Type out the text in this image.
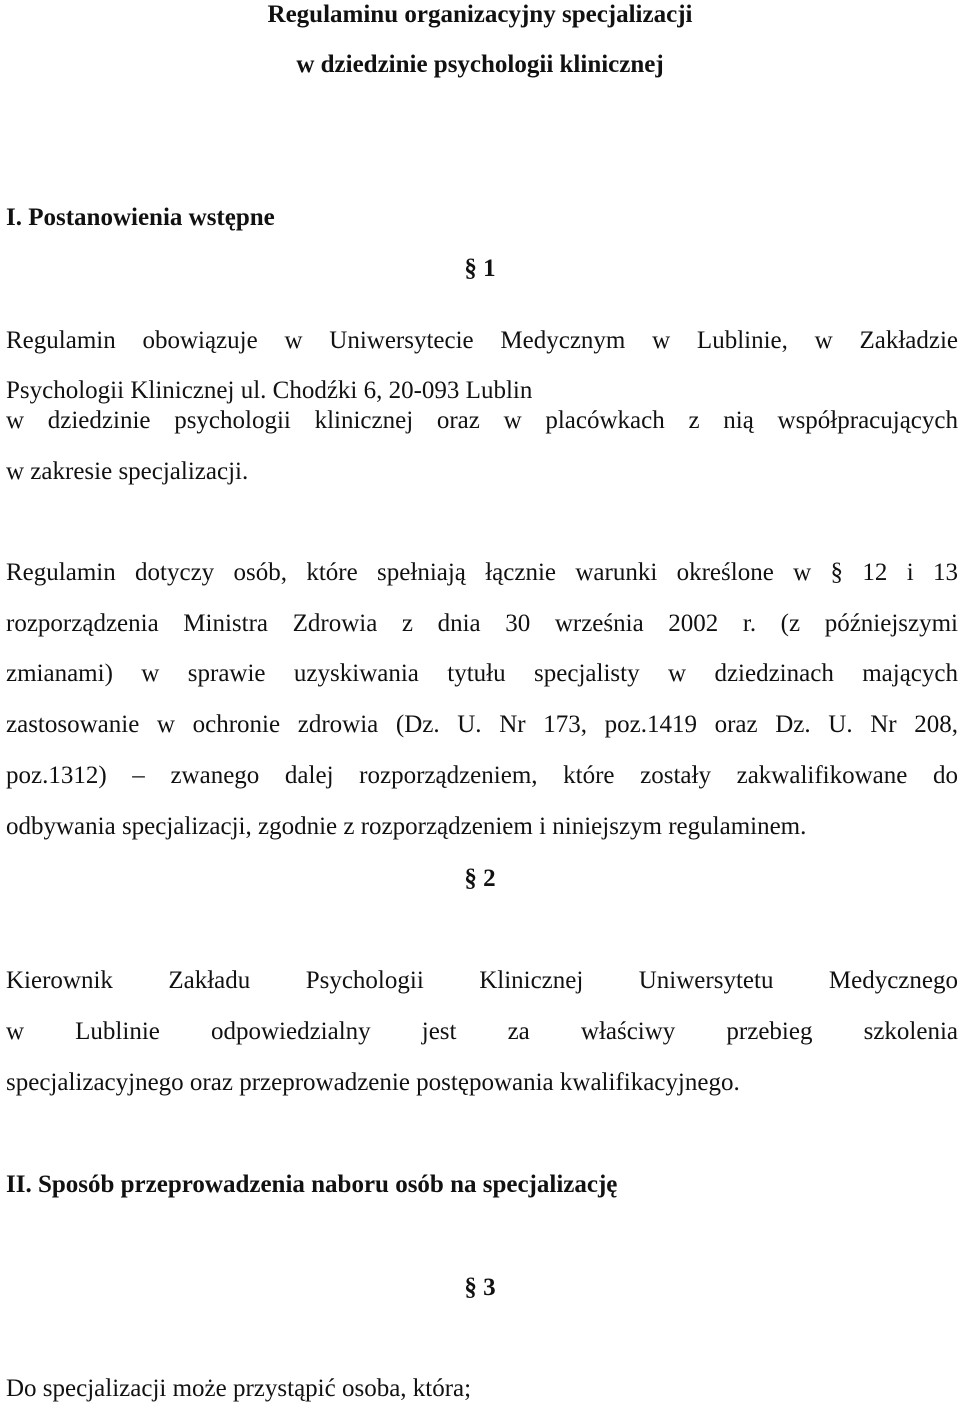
Regulaminu organizacyjny specjalizacji
w dziedzinie psychologii klinicznej
I. Postanowienia wstępne
§ 1
Regulamin obowiązuje w Uniwersytecie Medycznym w Lublinie, w Zakładzie
Psychologii Klinicznej ul. Chodźki 6, 20-093 Lublin
w dziedzinie psychologii klinicznej oraz w placówkach z nią współpracujących
w zakresie specjalizacji.
Regulamin dotyczy osób, które spełniają łącznie warunki określone w § 12 i 13
rozporządzenia Ministra Zdrowia z dnia 30 września 2002 r. (z późniejszymi
zmianami) w sprawie uzyskiwania tytułu specjalisty w dziedzinach mających
zastosowanie w ochronie zdrowia (Dz. U. Nr 173, poz.1419 oraz Dz. U. Nr 208,
poz.1312) – zwanego dalej rozporządzeniem, które zostały zakwalifikowane do
odbywania specjalizacji, zgodnie z rozporządzeniem i niniejszym regulaminem.
§ 2
Kierownik Zakładu Psychologii Klinicznej Uniwersytetu Medycznego
w Lublinie odpowiedzialny jest za właściwy przebieg szkolenia
specjalizacyjnego oraz przeprowadzenie postępowania kwalifikacyjnego.
II. Sposób przeprowadzenia naboru osób na specjalizację
§ 3
Do specjalizacji może przystąpić osoba, która;
